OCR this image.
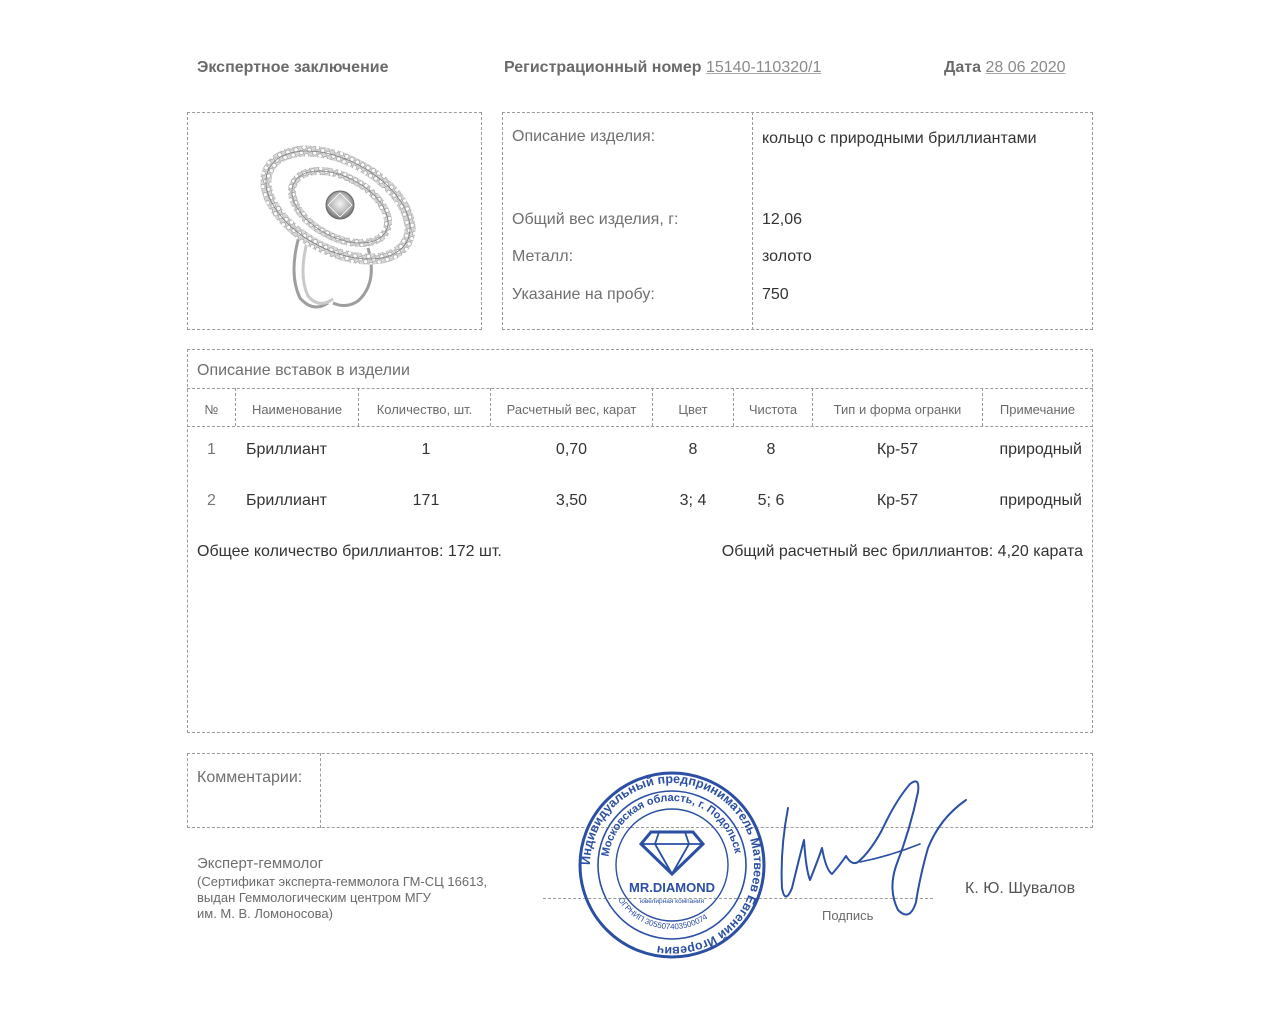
Экспертное заключение	Регистрационный номер 15140-110320/1	Дата 28 06 2020
Описание изделия:	кольцо с природными бриллиантами
Общий вес изделия, г:	12,06
Металл:	золото
Указание на пробу:	750
Описание вставок в изделии
№	Наименование	Количество, шт.	Расчетный вес, карат	Цвет	Чистота	Тип и форма огранки	Примечание
1	Бриллиант	1	0,70	8	8	Кр-57	природный
2	Бриллиант	171	3,50	3; 4	5; 6	Кр-57	природный
Общее количество бриллиантов: 172 шт.	Общий расчетный вес бриллиантов: 4,20 карата
Комментарии:
Эксперт-геммолог
(Сертификат эксперта-геммолога ГМ-СЦ 16613,
выдан Геммологическим центром МГУ
им. М. В. Ломоносова)	Подпись
К. Ю. Шувалов
Индивидуальный предприниматель Матвеев Евгений Игоревич
Московская область, г. Подольск
ОГРНИП 305507403500074
MR.DIAMOND
ювелирная компания
